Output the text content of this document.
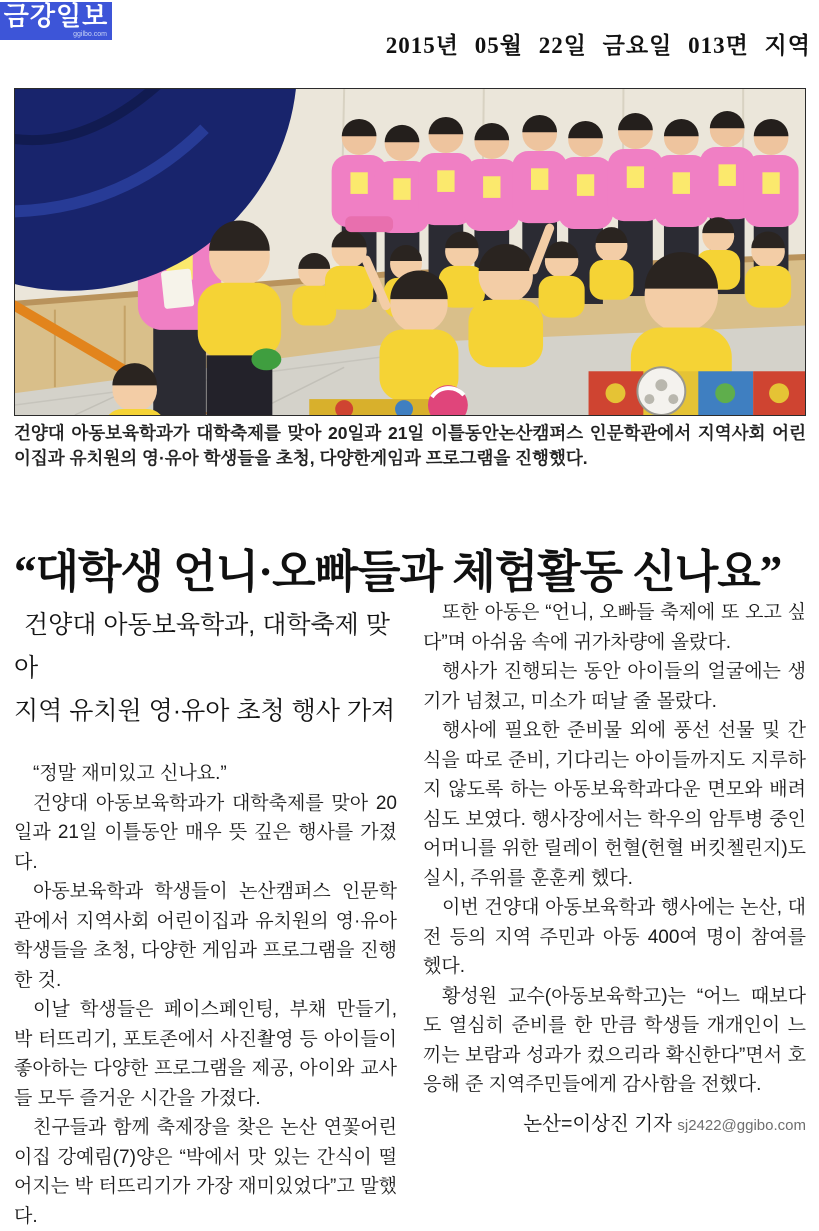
금강일보
ggilbo.com	2015년 05월 22일 금요일 013면 지역
건양대 아동보육학과가 대학축제를 맞아 20일과 21일 이틀동안논산캠퍼스 인문학관에서 지역사회 어린이집과 유치원의 영·유아 학생들을 초청, 다양한게임과 프로그램을 진행했다.
“대학생 언니·오빠들과 체험활동 신나요”
건양대 아동보육학과, 대학축제 맞아
지역 유치원 영·유아 초청 행사 가져

“정말 재미있고 신나요.”

건양대 아동보육학과가 대학축제를 맞아 20일과 21일 이틀동안 매우 뜻 깊은 행사를 가졌다.

아동보육학과 학생들이 논산캠퍼스 인문학관에서 지역사회 어린이집과 유치원의 영·유아 학생들을 초청, 다양한 게임과 프로그램을 진행한 것.

이날 학생들은 페이스페인팅, 부채 만들기, 박 터뜨리기, 포토존에서 사진촬영 등 아이들이 좋아하는 다양한 프로그램을 제공, 아이와 교사들 모두 즐거운 시간을 가졌다.

친구들과 함께 축제장을 찾은 논산 연꽃어린이집 강예림(7)양은 “박에서 맛 있는 간식이 떨어지는 박 터뜨리기가 가장 재미있었다”고 말했다.

또한 아동은 “언니, 오빠들 축제에 또 오고 싶다”며 아쉬움 속에 귀가차량에 올랐다.

행사가 진행되는 동안 아이들의 얼굴에는 생기가 넘쳤고, 미소가 떠날 줄 몰랐다.

행사에 필요한 준비물 외에 풍선 선물 및 간식을 따로 준비, 기다리는 아이들까지도 지루하지 않도록 하는 아동보육학과다운 면모와 배려심도 보였다. 행사장에서는 학우의 암투병 중인 어머니를 위한 릴레이 헌혈(헌혈 버킷첼린지)도 실시, 주위를 훈훈케 헸다.

이번 건양대 아동보육학과 행사에는 논산, 대전 등의 지역 주민과 아동 400여 명이 참여를 헸다.

황성원 교수(아동보육학고)는 “어느 때보다도 열심히 준비를 한 만큼 학생들 개개인이 느끼는 보람과 성과가 컸으리라 확신한다”면서 호응해 준 지역주민들에게 감사함을 전헸다.

논산=이상진 기자 sj2422@ggibo.com
